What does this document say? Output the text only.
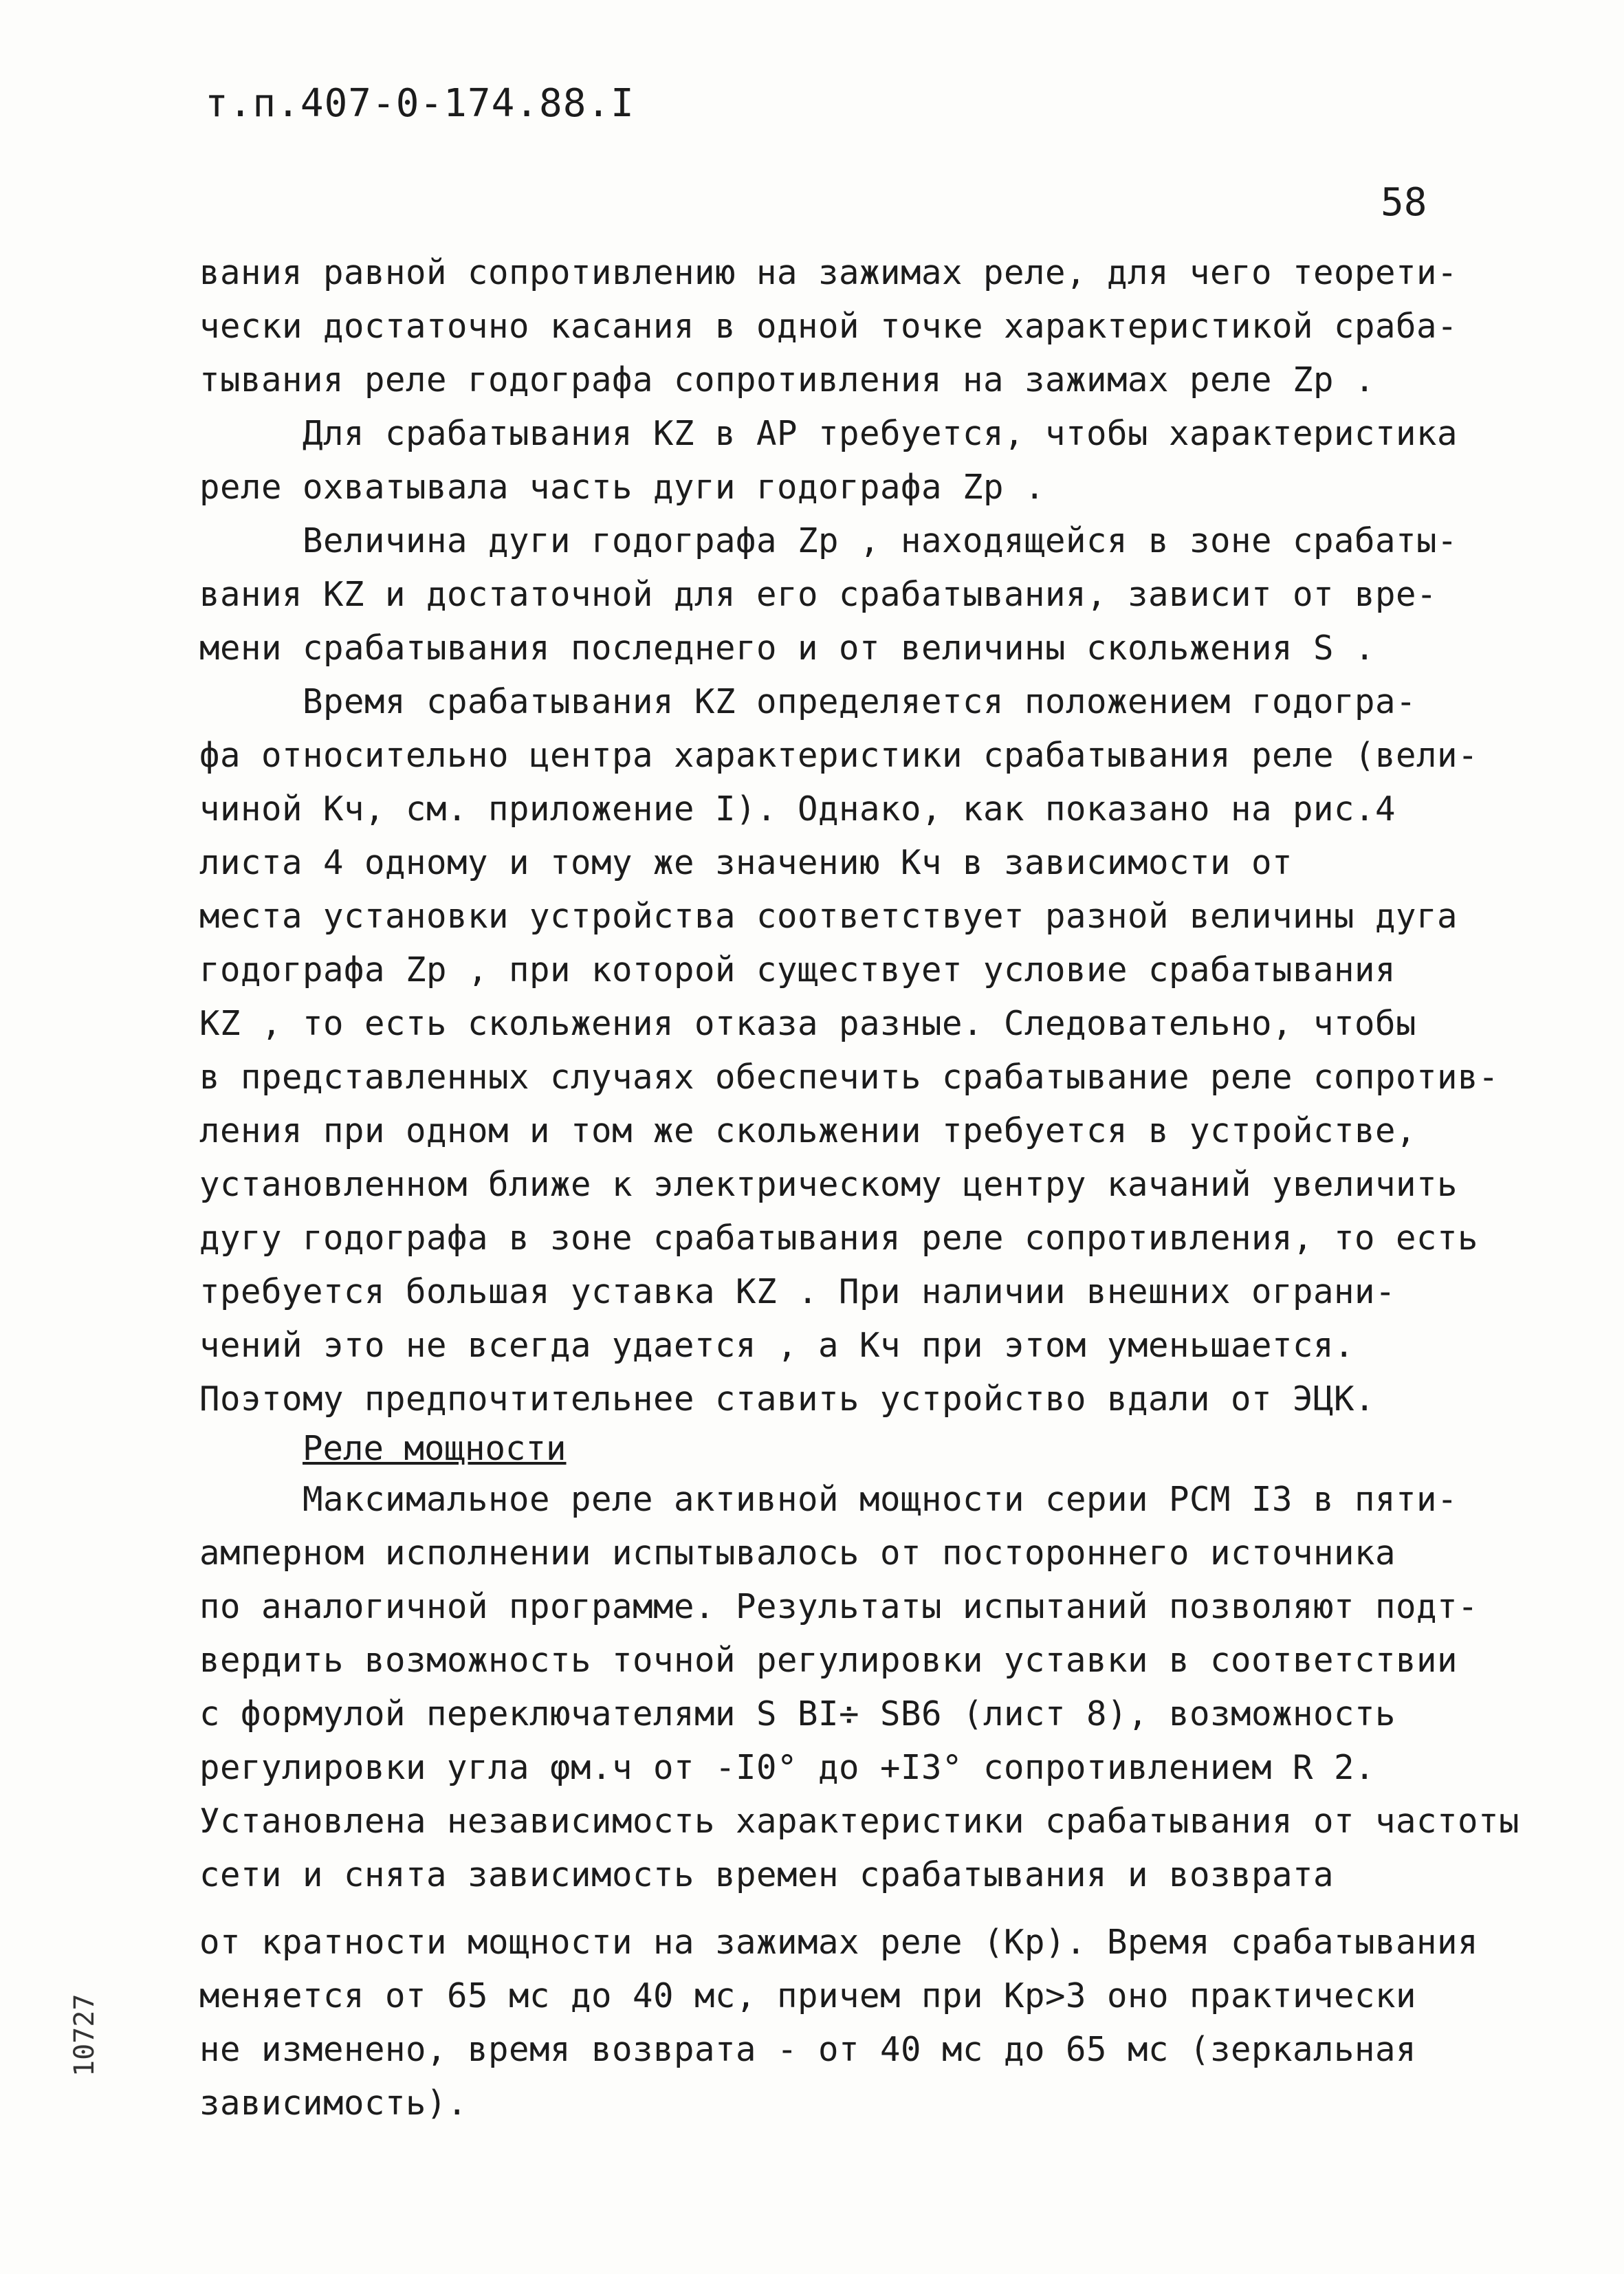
т.п.407-0-174.88.I
58
вания равной сопротивлению на зажимах реле, для чего теорети-
чески достаточно касания в одной точке характеристикой сраба-
тывания реле годографа сопротивления на зажимах реле Zp .
Для срабатывания KZ в АР требуется, чтобы характеристика
реле охватывала часть дуги годографа Zp .
Величина дуги годографа Zp , находящейся в зоне срабаты-
вания KZ и достаточной для его срабатывания, зависит от вре-
мени срабатывания последнего и от величины скольжения S .
Время срабатывания KZ определяется положением годогра-
фа относительно центра характеристики срабатывания реле (вели-
чиной Кч, см. приложение I). Однако, как показано на рис.4
листа 4 одному и тому же значению Кч в зависимости от
места установки устройства соответствует разной величины дуга
годографа Zp , при которой существует условие срабатывания
KZ , то есть скольжения отказа разные. Следовательно, чтобы
в представленных случаях обеспечить срабатывание реле сопротив-
ления при одном и том же скольжении требуется в устройстве,
установленном ближе к электрическому центру качаний увеличить
дугу годографа в зоне срабатывания реле сопротивления, то есть
требуется большая уставка KZ . При наличии внешних ограни-
чений это не всегда удается , а Кч при этом уменьшается.
Поэтому предпочтительнее ставить устройство вдали от ЭЦК.
Реле мощности
Максимальное реле активной мощности серии РСМ I3 в пяти-
амперном исполнении испытывалось от постороннего источника
по аналогичной программе. Результаты испытаний позволяют подт-
вердить возможность точной регулировки уставки в соответствии
с формулой переключателями S BI÷ SB6 (лист 8), возможность
регулировки угла φм.ч от -I0° до +I3° сопротивлением R 2.
Установлена независимость характеристики срабатывания от частоты
сети и снята зависимость времен срабатывания и возврата
от кратности мощности на зажимах реле (Кр). Время срабатывания
меняется от 65 мс до 40 мс, причем при Кр>3 оно практически
не изменено, время возврата - от 40 мс до 65 мс (зеркальная
зависимость).
10727
